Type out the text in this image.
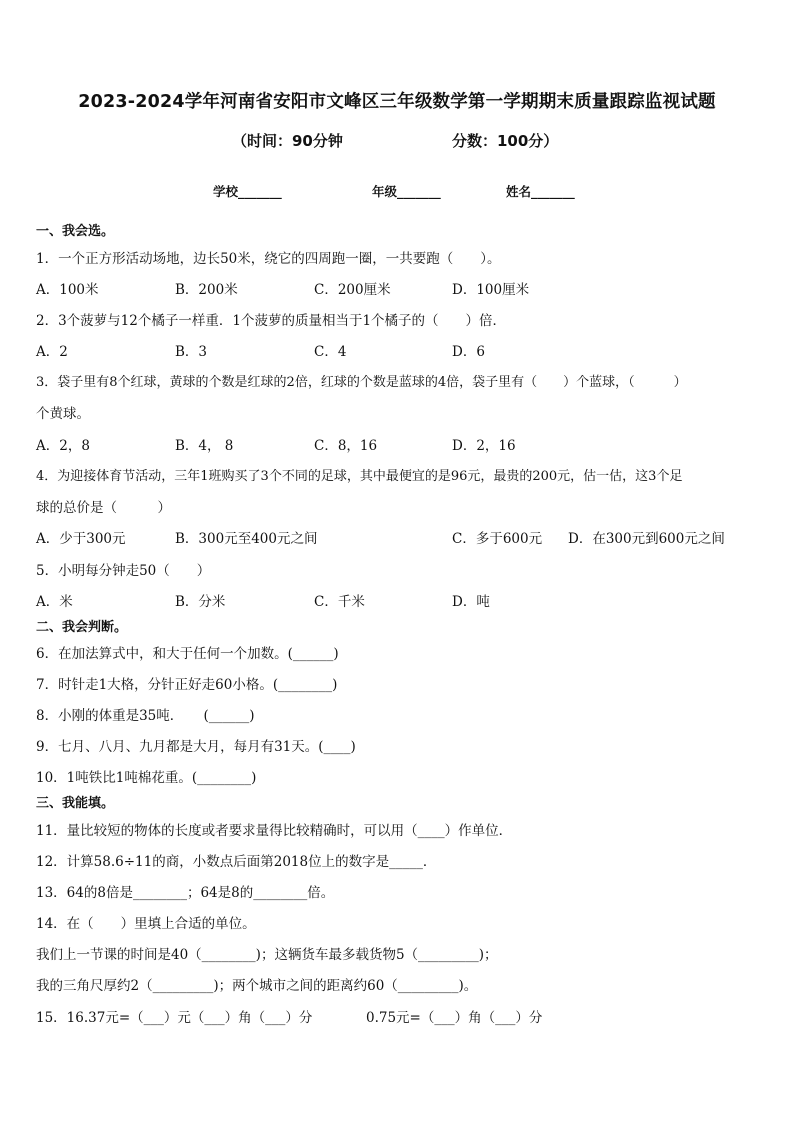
2023-2024学年河南省安阳市文峰区三年级数学第一学期期末质量跟踪监视试题
（时间：90分钟	分数：100分）
学校_______	年级_______	姓名_______
一、我会选。
1．一个正方形活动场地，边长50米，绕它的四周跑一圈，一共要跑（　　）。
A．100米	B．200米	C．200厘米	D．100厘米
2．3个菠萝与12个橘子一样重．1个菠萝的质量相当于1个橘子的（　　）倍．
A．2	B．3	C．4	D．6
3．袋子里有8个红球，黄球的个数是红球的2倍，红球的个数是蓝球的4倍，袋子里有（　　）个蓝球，（　　　）
个黄球。
A．2，8	B．4， 8	C．8，16	D．2，16
4．为迎接体育节活动，三年1班购买了3个不同的足球，其中最便宜的是96元，最贵的200元，估一估，这3个足
球的总价是（　　　）
A．少于300元	B．300元至400元之间	C．多于600元 D．在300元到600元之间
5．小明每分钟走50（　　）
A．米	B．分米	C．千米	D．吨
二、我会判断。
6．在加法算式中，和大于任何一个加数。(______)
7．时针走1大格，分针正好走60小格。(________)
8．小刚的体重是35吨．　　(______)
9．七月、八月、九月都是大月，每月有31天。(____)
10．1吨铁比1吨棉花重。(________)
三、我能填。
11．量比较短的物体的长度或者要求量得比较精确时，可以用（____）作单位．
12．计算58.6÷11的商，小数点后面第2018位上的数字是_____．
13．64的8倍是________；64是8的________倍。
14．在（　　）里填上合适的单位。
我们上一节课的时间是40（________)；这辆货车最多载货物5（_________)；
我的三角尺厚约2（_________)；两个城市之间的距离约60（_________)。
15．16.37元=（___）元（___）角（___）分	0.75元=（___）角（___）分
